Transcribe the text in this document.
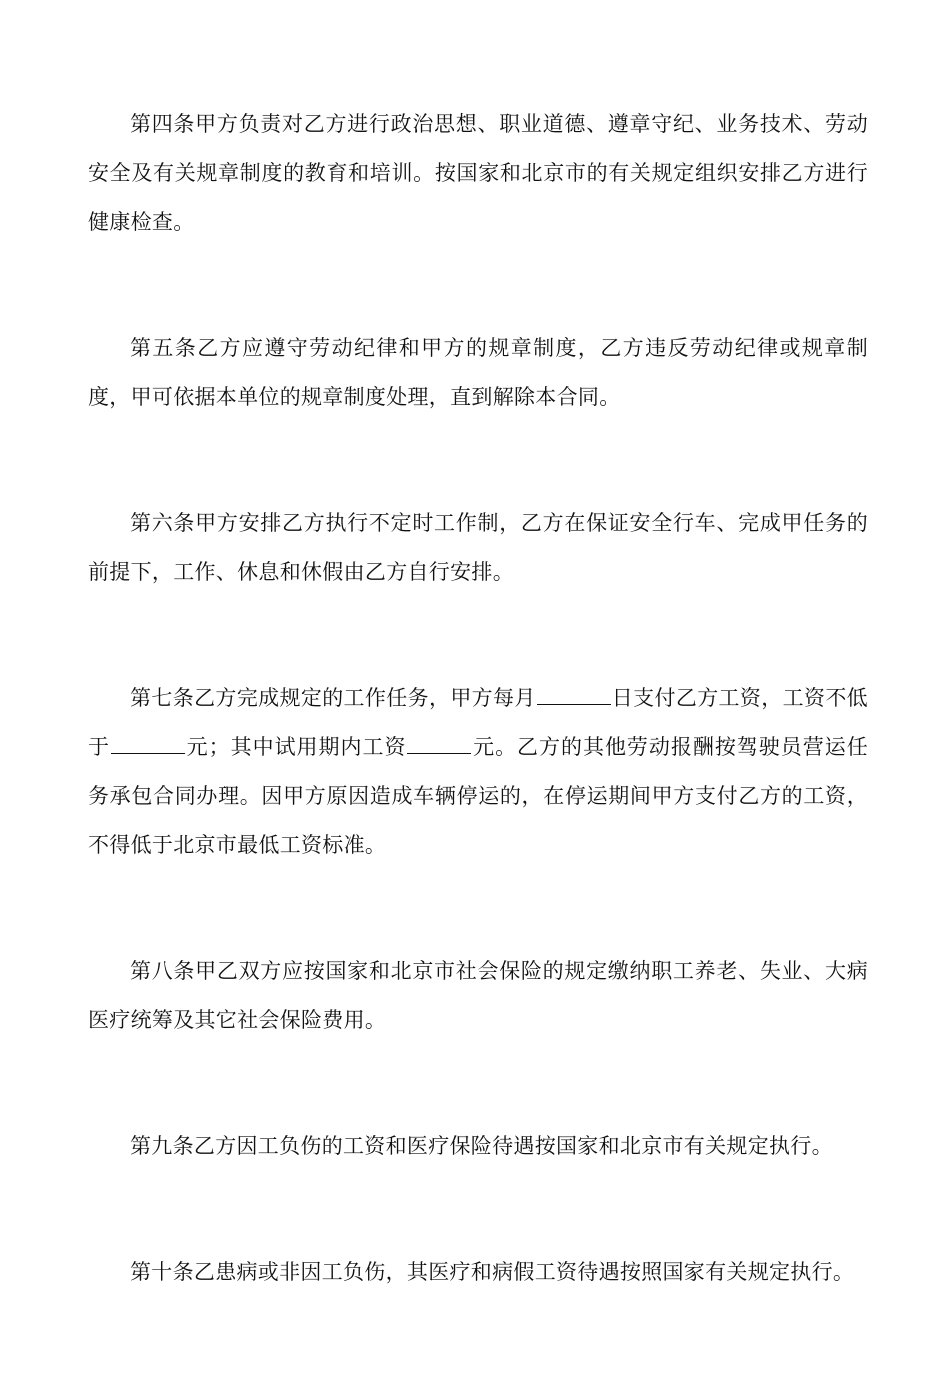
第四条甲方负责对乙方进行政治思想、职业道德、遵章守纪、业务技术、劳动安全及有关规章制度的教育和培训。按国家和北京市的有关规定组织安排乙方进行健康检查。

第五条乙方应遵守劳动纪律和甲方的规章制度，乙方违反劳动纪律或规章制度，甲可依据本单位的规章制度处理，直到解除本合同。

第六条甲方安排乙方执行不定时工作制，乙方在保证安全行车、完成甲任务的前提下，工作、休息和休假由乙方自行安排。

第七条乙方完成规定的工作任务，甲方每月	日支付乙方工资，工资不低于	元；其中试用期内工资	元。乙方的其他劳动报酬按驾驶员营运任务承包合同办理。因甲方原因造成车辆停运的，在停运期间甲方支付乙方的工资，不得低于北京市最低工资标准。

第八条甲乙双方应按国家和北京市社会保险的规定缴纳职工养老、失业、大病医疗统筹及其它社会保险费用。

第九条乙方因工负伤的工资和医疗保险待遇按国家和北京市有关规定执行。

第十条乙患病或非因工负伤，其医疗和病假工资待遇按照国家有关规定执行。
